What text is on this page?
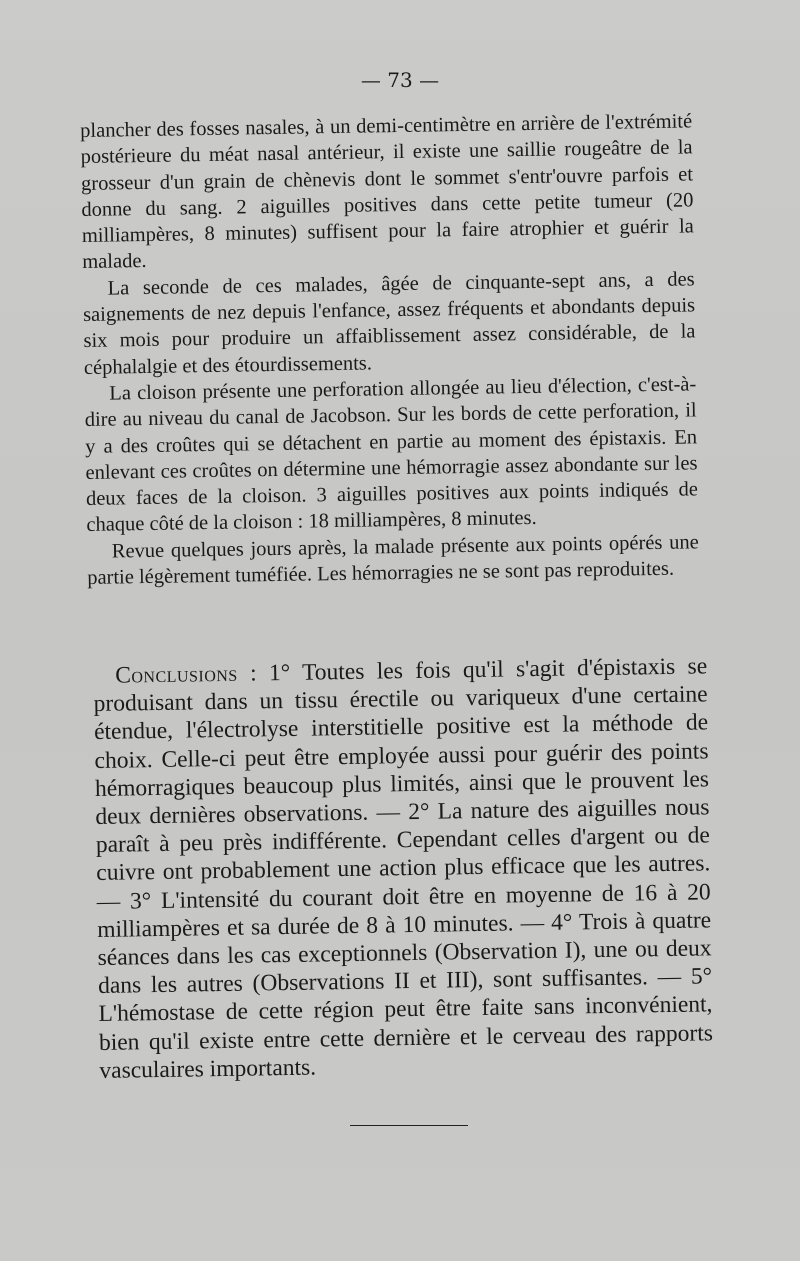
— 73 —

plancher des fosses nasales, à un demi-centimètre en arrière de l'extrémité postérieure du méat nasal antérieur, il existe une saillie rougeâtre de la grosseur d'un grain de chènevis dont le sommet s'entr'ouvre parfois et donne du sang. 2 aiguilles positives dans cette petite tumeur (20 milliampères, 8 minutes) suffisent pour la faire atrophier et guérir la malade.

La seconde de ces malades, âgée de cinquante-sept ans, a des saignements de nez depuis l'enfance, assez fréquents et abondants depuis six mois pour produire un affaiblissement assez considérable, de la céphalalgie et des étourdissements.

La cloison présente une perforation allongée au lieu d'élection, c'est-à-dire au niveau du canal de Jacobson. Sur les bords de cette perforation, il y a des croûtes qui se détachent en partie au moment des épistaxis. En enlevant ces croûtes on détermine une hémorragie assez abondante sur les deux faces de la cloison. 3 aiguilles positives aux points indiqués de chaque côté de la cloison : 18 milliampères, 8 minutes.

Revue quelques jours après, la malade présente aux points opérés une partie légèrement tuméfiée. Les hémorragies ne se sont pas reproduites.

Conclusions : 1° Toutes les fois qu'il s'agit d'épistaxis se produisant dans un tissu érectile ou variqueux d'une certaine étendue, l'électrolyse interstitielle positive est la méthode de choix. Celle-ci peut être employée aussi pour guérir des points hémorragiques beaucoup plus limités, ainsi que le prouvent les deux dernières observations. — 2° La nature des aiguilles nous paraît à peu près indifférente. Cependant celles d'argent ou de cuivre ont probablement une action plus efficace que les autres. — 3° L'intensité du courant doit être en moyenne de 16 à 20 milliampères et sa durée de 8 à 10 minutes. — 4° Trois à quatre séances dans les cas exceptionnels (Observation I), une ou deux dans les autres (Observations II et III), sont suffisantes. — 5° L'hémostase de cette région peut être faite sans inconvénient, bien qu'il existe entre cette dernière et le cerveau des rapports vasculaires importants.
